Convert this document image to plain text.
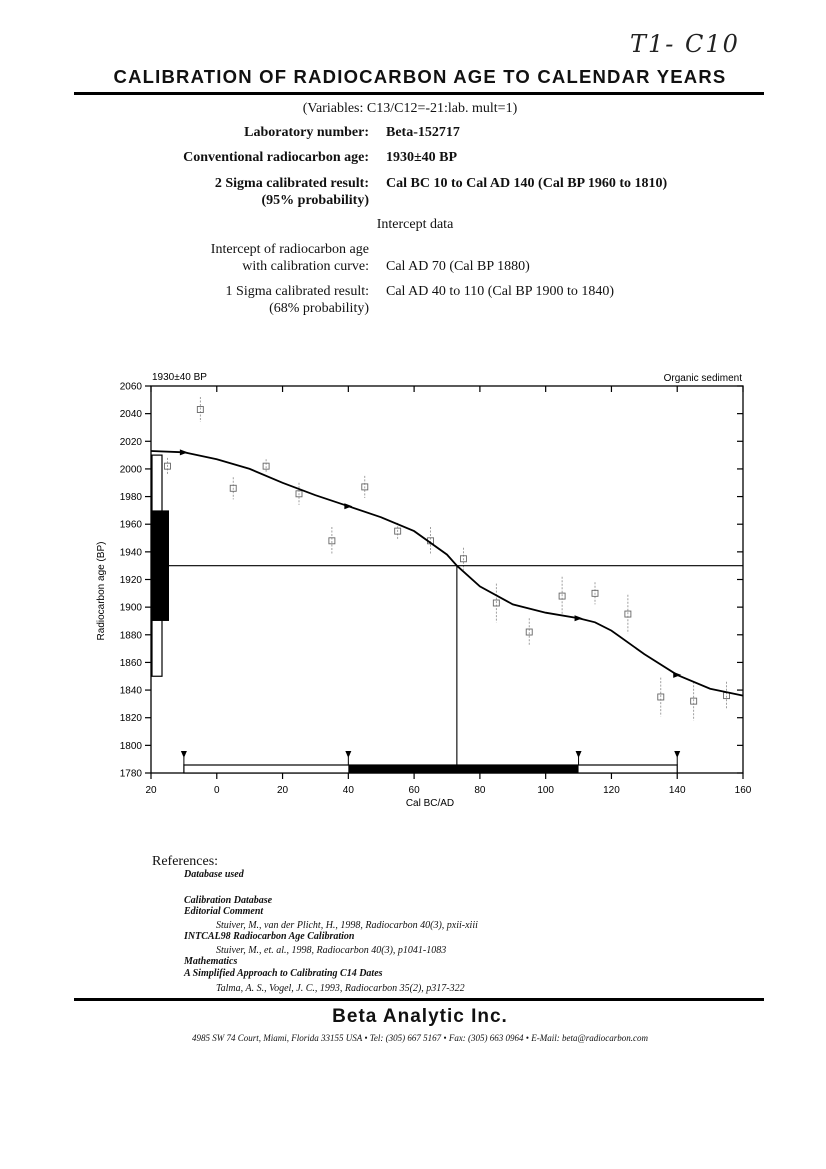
T1- C10
CALIBRATION OF RADIOCARBON AGE TO CALENDAR YEARS
(Variables: C13/C12=-21:lab. mult=1)
Laboratory number: Beta-152717
Conventional radiocarbon age: 1930±40 BP
2 Sigma calibrated result:
(95% probability)
Cal BC 10 to Cal AD 140 (Cal BP 1960 to 1810)
Intercept data
Intercept of radiocarbon age
with calibration curve: Cal AD 70 (Cal BP 1880)
1 Sigma calibrated result:
(68% probability)
Cal AD 40 to 110 (Cal BP 1900 to 1840)
1780
1800
1820
1840
1860
1880
1900
1920
1940
1960
1980
2000
2020
2040
2060
20	0	20	40	60	80	100	120	140	160
1930±40 BP	Organic sediment
Cal BC/AD
Radiocarbon age (BP)
References:
Database used
Calibration Database
Editorial Comment
Stuiver, M., van der Plicht, H., 1998, Radiocarbon 40(3), pxii-xiii
INTCAL98 Radiocarbon Age Calibration
Stuiver, M., et. al., 1998, Radiocarbon 40(3), p1041-1083
Mathematics
A Simplified Approach to Calibrating C14 Dates
Talma, A. S., Vogel, J. C., 1993, Radiocarbon 35(2), p317-322
Beta Analytic Inc.
4985 SW 74 Court, Miami, Florida 33155 USA • Tel: (305) 667 5167 • Fax: (305) 663 0964 • E-Mail: beta@radiocarbon.com
